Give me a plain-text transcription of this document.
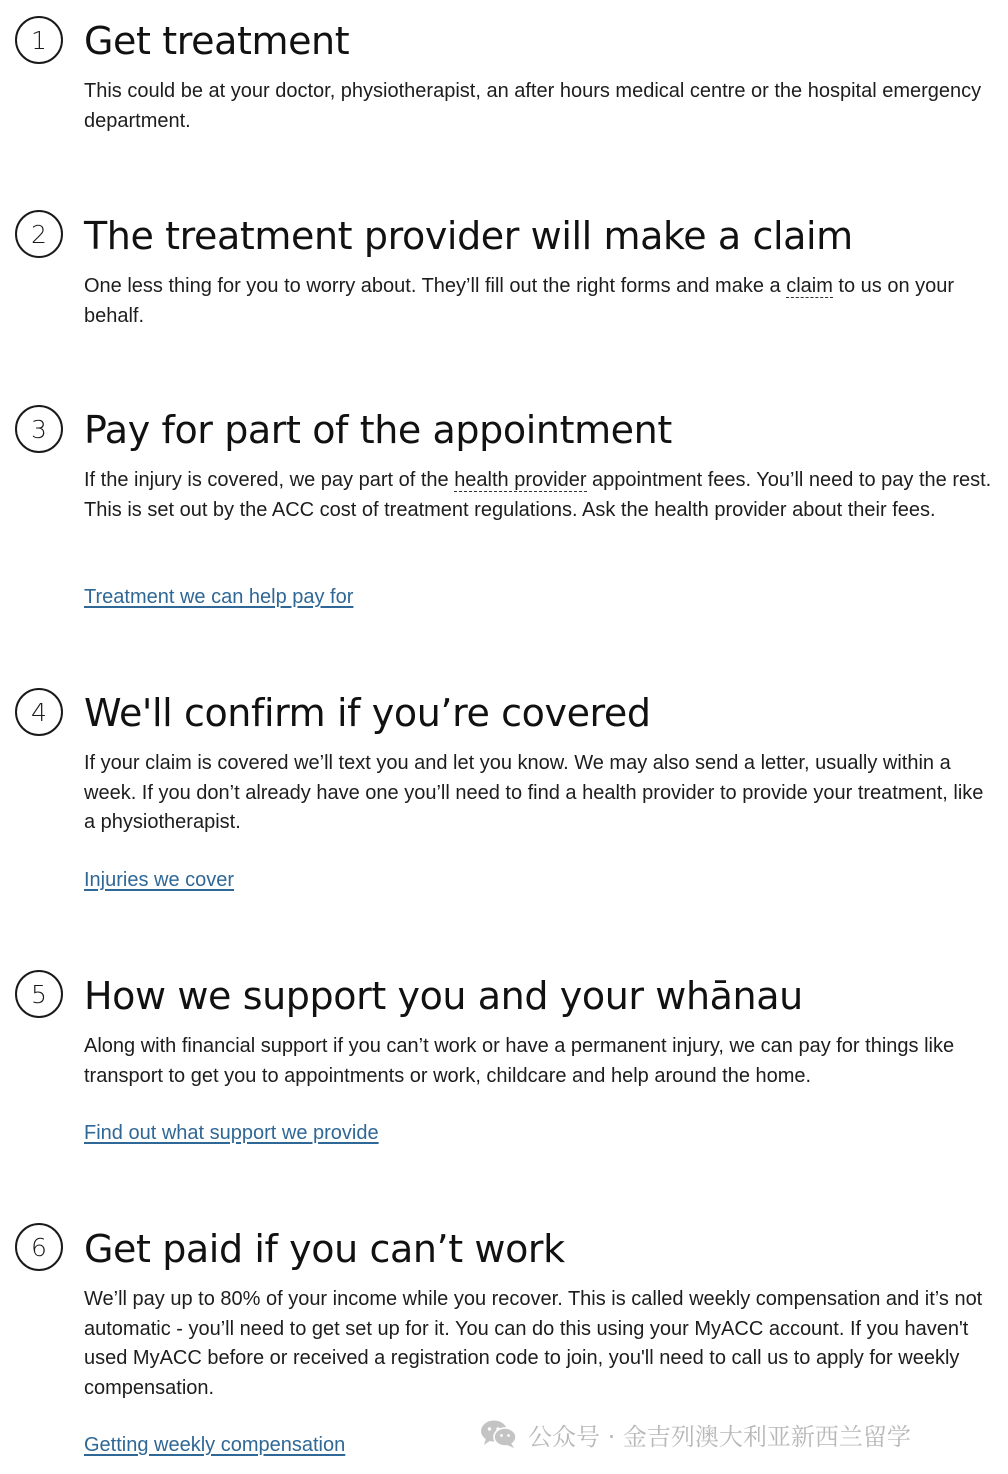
1 Get treatment

This could be at your doctor, physiotherapist, an after hours medical centre or the hospital emergency department.

2 The treatment provider will make a claim

One less thing for you to worry about. They’ll fill out the right forms and make a claim to us on your behalf.

3 Pay for part of the appointment

If the injury is covered, we pay part of the health provider appointment fees. You’ll need to pay the rest. This is set out by the ACC cost of treatment regulations. Ask the health provider about their fees.

Treatment we can help pay for
4 We'll confirm if you’re covered

If your claim is covered we’ll text you and let you know. We may also send a letter, usually within a week. If you don’t already have one you’ll need to find a health provider to provide your treatment, like a physiotherapist.

Injuries we cover
5 How we support you and your whānau

Along with financial support if you can’t work or have a permanent injury, we can pay for things like transport to get you to appointments or work, childcare and help around the home.

Find out what support we provide
6 Get paid if you can’t work

We’ll pay up to 80% of your income while you recover. This is called weekly compensation and it’s not automatic - you’ll need to get set up for it. You can do this using your MyACC account. If you haven't used MyACC before or received a registration code to join, you'll need to call us to apply for weekly compensation.

Getting weekly compensation	公众号 · 金吉列澳大利亚新西兰留学
